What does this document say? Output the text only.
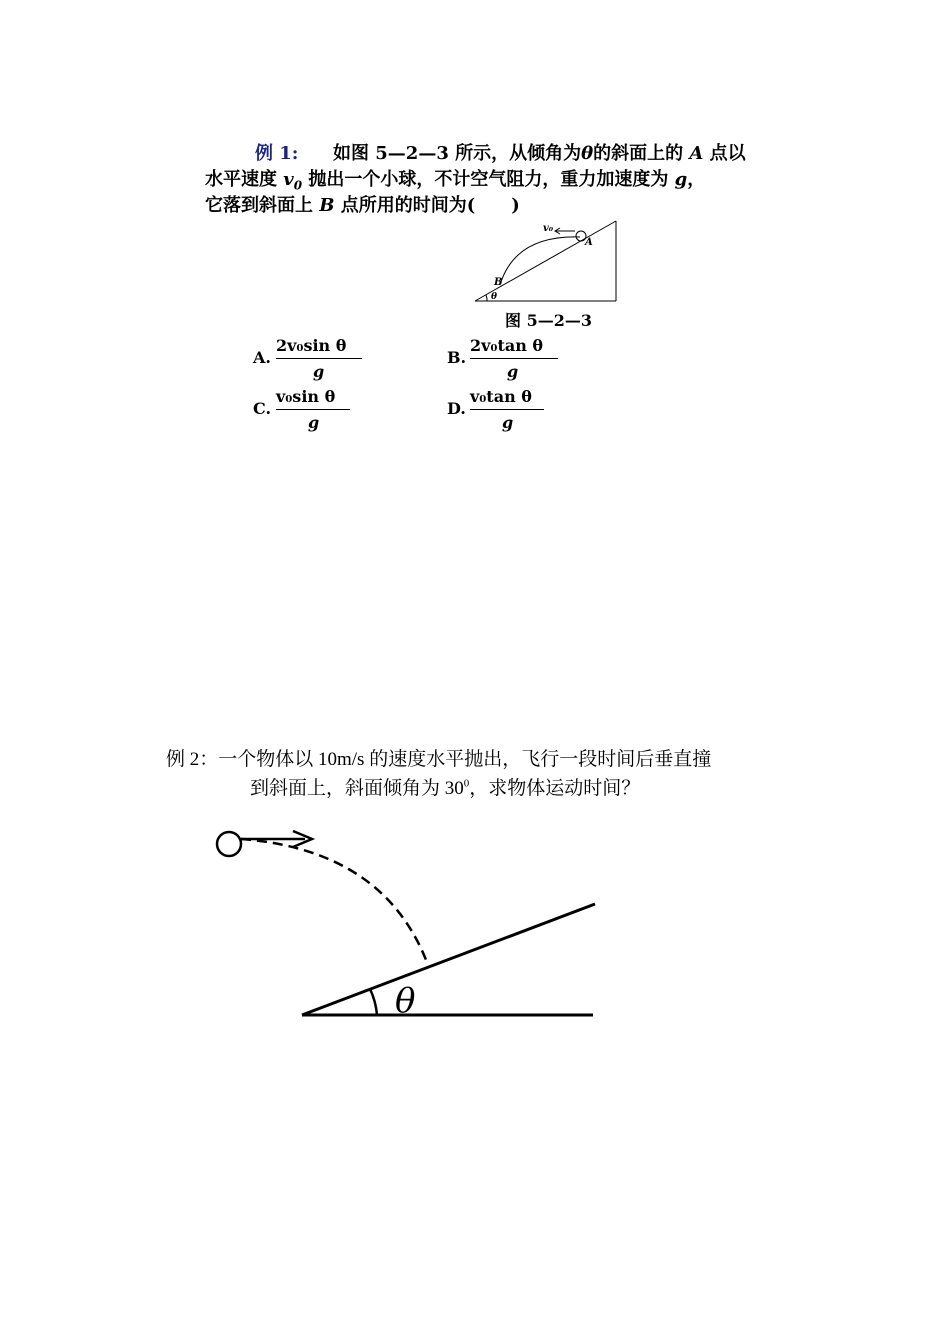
例 1: 如图 5—2—3 所示，从倾角为θ的斜面上的 A 点以
水平速度 $v_0$ 抛出一个小球，不计空气阻力，重力加速度为 g，
它落到斜面上 B 点所用的时间为(　　)
v₀
A
B
θ
图 5—2—3
A.
2v₀sin θ
g
B.
2v₀tan θ
g
C.
v₀sin θ
g
D.
v₀tan θ
g
例 2：一个物体以 10m/s 的速度水平抛出，飞行一段时间后垂直撞
到斜面上，斜面倾角为 $30^0$，求物体运动时间？
θ
